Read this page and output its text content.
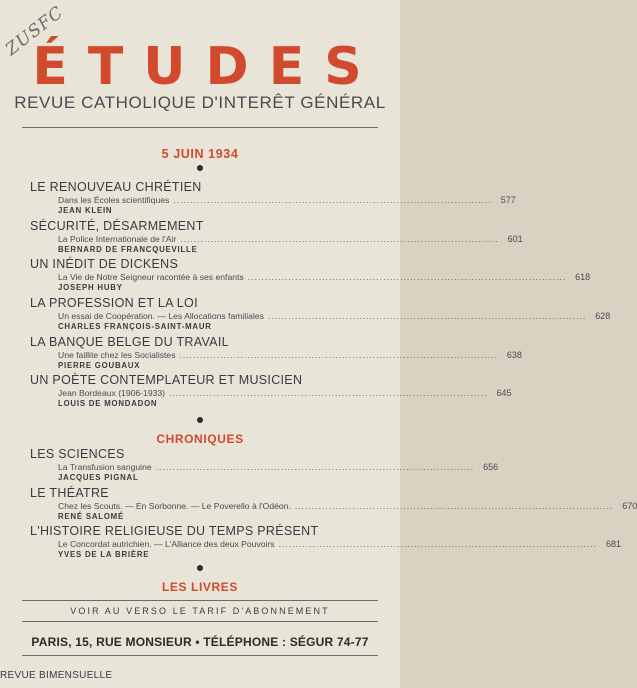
ZUSFC
ÉTUDES
REVUE CATHOLIQUE D'INTERÊT GÉNÉRAL
5 JUIN 1934
LE RENOUVEAU CHRÉTIEN
Dans les Écoles scientifiques .............................................................................................. 577
JEAN KLEIN
SÉCURITÉ, DÉSARMEMENT
La Police Internationale de l'Air .............................................................................................. 601
BERNARD DE FRANCQUEVILLE
UN INÉDIT DE DICKENS
La Vie de Notre Seigneur racontée à ses enfants .............................................................................................. 618
JOSEPH HUBY
LA PROFESSION ET LA LOI
Un essai de Coopération. — Les Allocations familiales .............................................................................................. 628
CHARLES FRANÇOIS-SAINT-MAUR
LA BANQUE BELGE DU TRAVAIL
Une faillite chez les Socialistes .............................................................................................. 638
PIERRE GOUBAUX
UN POÈTE CONTEMPLATEUR ET MUSICIEN
Jean Bordeaux (1906-1933) .............................................................................................. 645
LOUIS DE MONDADON
CHRONIQUES
LES SCIENCES
La Transfusion sanguine .............................................................................................. 656
JACQUES PIGNAL
LE THÉATRE
Chez les Scouts. — En Sorbonne. — Le Poverello à l'Odéon. .............................................................................................. 670
RENÉ SALOMÉ
L'HISTOIRE RELIGIEUSE DU TEMPS PRÉSENT
Le Concordat autrichien. — L'Alliance des deux Pouvoirs .............................................................................................. 681
YVES DE LA BRIÈRE
LES LIVRES
VOIR AU VERSO LE TARIF D'ABONNEMENT
PARIS, 15, RUE MONSIEUR • TÉLÉPHONE : SÉGUR 74-77
REVUE BIMENSUELLE
